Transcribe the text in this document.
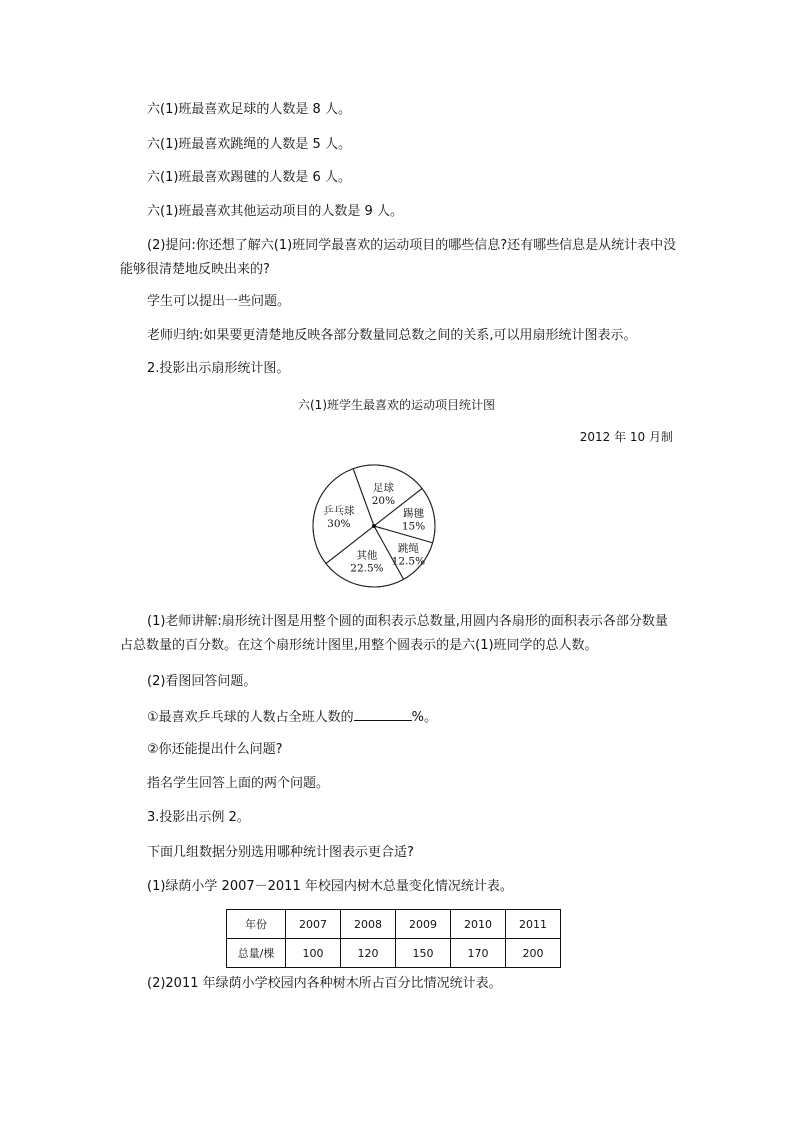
六(1)班最喜欢足球的人数是 8 人。
六(1)班最喜欢跳绳的人数是 5 人。
六(1)班最喜欢踢毽的人数是 6 人。
六(1)班最喜欢其他运动项目的人数是 9 人。
(2)提问:你还想了解六(1)班同学最喜欢的运动项目的哪些信息?还有哪些信息是从统计表中没能够很清楚地反映出来的?
学生可以提出一些问题。
老师归纳:如果要更清楚地反映各部分数量同总数之间的关系,可以用扇形统计图表示。
2.投影出示扇形统计图。
六(1)班学生最喜欢的运动项目统计图
2012 年 10 月制
足球
20%
踢毽
15%
跳绳
12.5%
其他
22.5%
乒乓球
30%
(1)老师讲解:扇形统计图是用整个圆的面积表示总数量,用圆内各扇形的面积表示各部分数量占总数量的百分数。在这个扇形统计图里,用整个圆表示的是六(1)班同学的总人数。
(2)看图回答问题。
①最喜欢乒乓球的人数占全班人数的	%。
②你还能提出什么问题?
指名学生回答上面的两个问题。
3.投影出示例 2。
下面几组数据分别选用哪种统计图表示更合适?
(1)绿荫小学 2007－2011 年校园内树木总量变化情况统计表。
年份	2007	2008	2009	2010	2011
总量/棵	100	120	150	170	200
(2)2011 年绿荫小学校园内各种树木所占百分比情况统计表。
